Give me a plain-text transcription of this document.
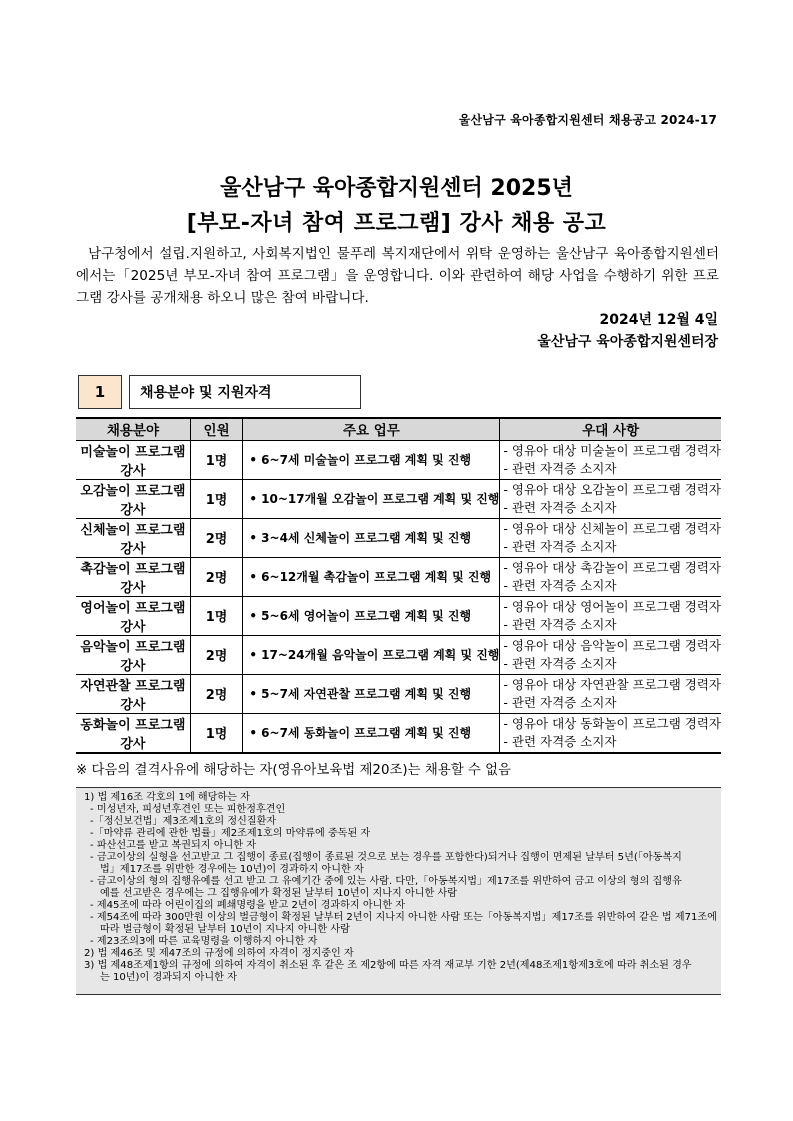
울산남구 육아종합지원센터 채용공고 2024-17
울산남구 육아종합지원센터 2025년
[부모-자녀 참여 프로그램] 강사 채용 공고

남구청에서 설립.지원하고, 사회복지법인 물푸레 복지재단에서 위탁 운영하는 울산남구 육아종합지원센터에서는「2025년 부모-자녀 참여 프로그램」을 운영합니다. 이와 관련하여 해당 사업을 수행하기 위한 프로그램 강사를 공개채용 하오니 많은 참여 바랍니다.

2024년 12월 4일
울산남구 육아종합지원센터장
1	채용분야 및 지원자격
채용분야	인원	주요 업무	우대 사항
미술놀이 프로그램 강사	1명	• 6~7세 미술놀이 프로그램 계획 및 진행	- 영유아 대상 미술놀이 프로그램 경력자
- 관련 자격증 소지자

오감놀이 프로그램 강사	1명	• 10~17개월 오감놀이 프로그램 계획 및 진행	- 영유아 대상 오감놀이 프로그램 경력자
- 관련 자격증 소지자

신체놀이 프로그램 강사	2명	• 3~4세 신체놀이 프로그램 계획 및 진행	- 영유아 대상 신체놀이 프로그램 경력자
- 관련 자격증 소지자

촉감놀이 프로그램 강사	2명	• 6~12개월 촉감놀이 프로그램 계획 및 진행	- 영유아 대상 촉감놀이 프로그램 경력자
- 관련 자격증 소지자

영어놀이 프로그램 강사	1명	• 5~6세 영어놀이 프로그램 계획 및 진행	- 영유아 대상 영어놀이 프로그램 경력자
- 관련 자격증 소지자

음악놀이 프로그램 강사	2명	• 17~24개월 음악놀이 프로그램 계획 및 진행	- 영유아 대상 음악놀이 프로그램 경력자
- 관련 자격증 소지자

자연관찰 프로그램 강사	2명	• 5~7세 자연관찰 프로그램 계획 및 진행	- 영유아 대상 자연관찰 프로그램 경력자
- 관련 자격증 소지자

동화놀이 프로그램 강사	1명	• 6~7세 동화놀이 프로그램 계획 및 진행	- 영유아 대상 동화놀이 프로그램 경력자
- 관련 자격증 소지자
※ 다음의 결격사유에 해당하는 자(영유아보육법 제20조)는 채용할 수 없음
1) 법 제16조 각호의 1에 해당하는 자
- 미성년자, 피성년후견인 또는 피한정후견인
-「정신보건법」제3조제1호의 정신질환자
-「마약류 관리에 관한 법률」제2조제1호의 마약류에 중독된 자
- 파산선고를 받고 복권되지 아니한 자
- 금고이상의 실형을 선고받고 그 집행이 종료(집행이 종료된 것으로 보는 경우를 포함한다)되거나 집행이 면제된 날부터 5년(「아동복지
법」제17조를 위반한 경우에는 10년)이 경과하지 아니한 자
- 금고이상의 형의 집행유예를 선고 받고 그 유예기간 중에 있는 사람. 다만,「아동복지법」제17조를 위반하여 금고 이상의 형의 집행유
예를 선고받은 경우에는 그 집행유예가 확정된 날부터 10년이 지나지 아니한 사람
- 제45조에 따라 어린이집의 폐쇄명령을 받고 2년이 경과하지 아니한 자
- 제54조에 따라 300만원 이상의 벌금형이 확정된 날부터 2년이 지나지 아니한 사람 또는「아동복지법」제17조를 위반하여 같은 법 제71조에
따라 벌금형이 확정된 날부터 10년이 지나지 아니한 사람
- 제23조의3에 따른 교육명령을 이행하지 아니한 자
2) 법 제46조 및 제47조의 규정에 의하여 자격이 정지중인 자
3) 법 제48조제1항의 규정에 의하여 자격이 취소된 후 같은 조 제2항에 따른 자격 재교부 기한 2년(제48조제1항제3호에 따라 취소된 경우
는 10년)이 경과되지 아니한 자
